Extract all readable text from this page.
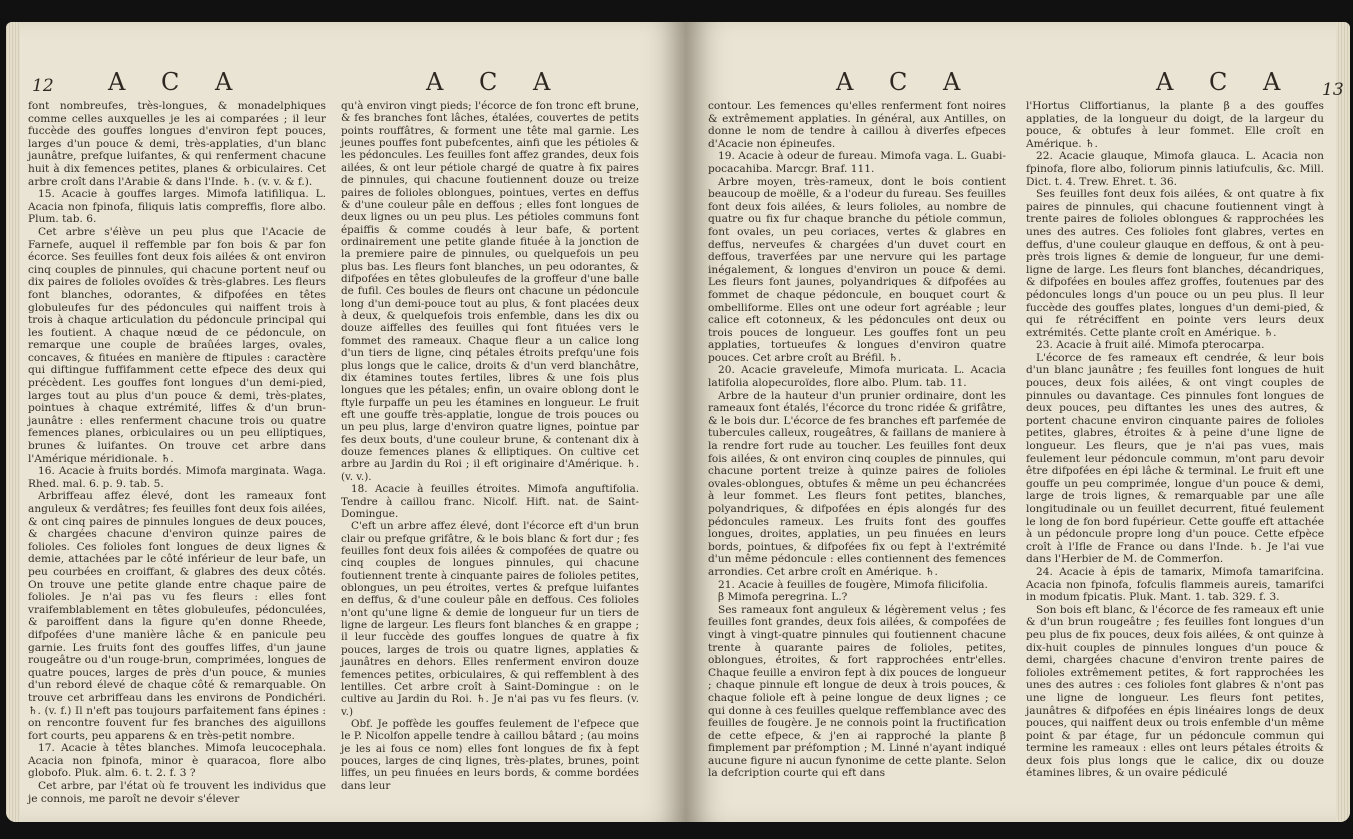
12 A C A	A C A

font nombreufes, très-longues, & monadelphiques comme celles auxquelles je les ai comparées ; il leur fuccède des gouffes longues d'environ fept pouces, larges d'un pouce & demi, très-applaties, d'un blanc jaunâtre, prefque luifantes, & qui renferment chacune huit à dix femences petites, planes & orbiculaires. Cet arbre croît dans l'Arabie & dans l'Inde. ♄. (v. v. & f.).

15. Acacie à gouffes larges. Mimofa latifiliqua. L. Acacia non fpinofa, filiquis latis compreffis, flore albo. Plum. tab. 6.

Cet arbre s'élève un peu plus que l'Acacie de Farnefe, auquel il reffemble par fon bois & par fon écorce. Ses feuilles font deux fois ailées & ont environ cinq couples de pinnules, qui chacune portent neuf ou dix paires de folioles ovoïdes & très-glabres. Les fleurs font blanches, odorantes, & difpofées en têtes globuleufes fur des pédoncules qui naiffent trois à trois à chaque articulation du pédoncule principal qui les foutient. A chaque nœud de ce pédoncule, on remarque une couple de braûées larges, ovales, concaves, & fituées en manière de ftipules : caractère qui diftingue fuffifamment cette efpece des deux qui précèdent. Les gouffes font longues d'un demi-pied, larges tout au plus d'un pouce & demi, très-plates, pointues à chaque extrémité, liffes & d'un brun-jaunâtre : elles renferment chacune trois ou quatre femences planes, orbiculaires ou un peu elliptiques, brunes & luifantes. On trouve cet arbre dans l'Amérique méridionale. ♄.

16. Acacie à fruits bordés. Mimofa marginata. Waga. Rhed. mal. 6. p. 9. tab. 5.

Arbriffeau affez élevé, dont les rameaux font anguleux & verdâtres; fes feuilles font deux fois ailées, & ont cinq paires de pinnules longues de deux pouces, & chargées chacune d'environ quinze paires de folioles. Ces folioles font longues de deux lignes & demie, attachées par le côté inférieur de leur bafe, un peu courbées en croiffant, & glabres des deux côtés. On trouve une petite glande entre chaque paire de folioles. Je n'ai pas vu fes fleurs : elles font vraifemblablement en têtes globuleufes, pédonculées, & paroiffent dans la figure qu'en donne Rheede, difpofées d'une manière lâche & en panicule peu garnie. Les fruits font des gouffes liffes, d'un jaune rougeâtre ou d'un rouge-brun, comprimées, longues de quatre pouces, larges de près d'un pouce, & munies d'un rebord élevé de chaque côté & remarquable. On trouve cet arbriffeau dans les environs de Pondichéri. ♄. (v. f.) Il n'eft pas toujours parfaitement fans épines : on rencontre fouvent fur fes branches des aiguillons fort courts, peu apparens & en très-petit nombre.

17. Acacie à têtes blanches. Mimofa leucocephala. Acacia non fpinofa, minor è quaracoa, flore albo globofo. Pluk. alm. 6. t. 2. f. 3 ?

Cet arbre, par l'état où fe trouvent les individus que je connois, me paroît ne devoir s'élever

qu'à environ vingt pieds; l'écorce de fon tronc eft brune, & fes branches font lâches, étalées, couvertes de petits points rouffâtres, & forment une tête mal garnie. Les jeunes pouffes font pubefcentes, ainfi que les pétioles & les pédoncules. Les feuilles font affez grandes, deux fois ailées, & ont leur pétiole chargé de quatre à fix paires de pinnules, qui chacune foutiennent douze ou treize paires de folioles oblongues, pointues, vertes en deffus & d'une couleur pâle en deffous ; elles font longues de deux lignes ou un peu plus. Les pétioles communs font épaiffis & comme coudés à leur bafe, & portent ordinairement une petite glande fituée à la jonction de la premiere paire de pinnules, ou quelquefois un peu plus bas. Les fleurs font blanches, un peu odorantes, & difpofées en têtes globuleufes de la groffeur d'une balle de fufil. Ces boules de fleurs ont chacune un pédoncule long d'un demi-pouce tout au plus, & font placées deux à deux, & quelquefois trois enfemble, dans les dix ou douze aiffelles des feuilles qui font fituées vers le fommet des rameaux. Chaque fleur a un calice long d'un tiers de ligne, cinq pétales étroits prefqu'une fois plus longs que le calice, droits & d'un verd blanchâtre, dix étamines toutes fertiles, libres & une fois plus longues que les pétales; enfin, un ovaire oblong dont le ftyle furpaffe un peu les étamines en longueur. Le fruit eft une gouffe très-applatie, longue de trois pouces ou un peu plus, large d'environ quatre lignes, pointue par fes deux bouts, d'une couleur brune, & contenant dix à douze femences planes & elliptiques. On cultive cet arbre au Jardin du Roi ; il eft originaire d'Amérique. ♄. (v. v.).

18. Acacie à feuilles étroites. Mimofa anguftifolia. Tendre à caillou franc. Nicolf. Hift. nat. de Saint-Domingue.

C'eft un arbre affez élevé, dont l'écorce eft d'un brun clair ou prefque grifâtre, & le bois blanc & fort dur ; fes feuilles font deux fois ailées & compofées de quatre ou cinq couples de longues pinnules, qui chacune foutiennent trente à cinquante paires de folioles petites, oblongues, un peu étroites, vertes & prefque luifantes en deffus, & d'une couleur pâle en deffous. Ces folioles n'ont qu'une ligne & demie de longueur fur un tiers de ligne de largeur. Les fleurs font blanches & en grappe ; il leur fuccède des gouffes longues de quatre à fix pouces, larges de trois ou quatre lignes, applaties & jaunâtres en dehors. Elles renferment environ douze femences petites, orbiculaires, & qui reffemblent à des lentilles. Cet arbre croît à Saint-Domingue : on le cultive au Jardin du Roi. ♄. Je n'ai pas vu fes fleurs. (v. v.)

Obf. Je poffède les gouffes feulement de l'efpece que le P. Nicolfon appelle tendre à caillou bâtard ; (au moins je les ai fous ce nom) elles font longues de fix à fept pouces, larges de cinq lignes, très-plates, brunes, point liffes, un peu finuées en leurs bords, & comme bordées dans leur

A C A	A C A 13

contour. Les femences qu'elles renferment font noires & extrêmement applaties. In général, aux Antilles, on donne le nom de tendre à caillou à diverfes efpeces d'Acacie non épineufes.

19. Acacie à odeur de fureau. Mimofa vaga. L. Guabi-pocacahiba. Marcgr. Braf. 111.

Arbre moyen, très-rameux, dont le bois contient beaucoup de moëlle, & a l'odeur du fureau. Ses feuilles font deux fois ailées, & leurs folioles, au nombre de quatre ou fix fur chaque branche du pétiole commun, font ovales, un peu coriaces, vertes & glabres en deffus, nerveufes & chargées d'un duvet court en deffous, traverfées par une nervure qui les partage inégalement, & longues d'environ un pouce & demi. Les fleurs font jaunes, polyandriques & difpofées au fommet de chaque pédoncule, en bouquet court & ombelliforme. Elles ont une odeur fort agréable ; leur calice eft cotonneux, & les pédoncules ont deux ou trois pouces de longueur. Les gouffes font un peu applaties, tortueufes & longues d'environ quatre pouces. Cet arbre croît au Bréfil. ♄.

20. Acacie graveleufe, Mimofa muricata. L. Acacia latifolia alopecuroïdes, flore albo. Plum. tab. 11.

Arbre de la hauteur d'un prunier ordinaire, dont les rameaux font étalés, l'écorce du tronc ridée & grifâtre, & le bois dur. L'écorce de fes branches eft parfemée de tubercules calleux, rougeâtres, & faillans de maniere à la rendre fort rude au toucher. Les feuilles font deux fois ailées, & ont environ cinq couples de pinnules, qui chacune portent treize à quinze paires de folioles ovales-oblongues, obtufes & même un peu échancrées à leur fommet. Les fleurs font petites, blanches, polyandriques, & difpofées en épis alongés fur des pédoncules rameux. Les fruits font des gouffes longues, droites, applaties, un peu finuées en leurs bords, pointues, & difpofées fix ou fept à l'extrémité d'un même pédoncule : elles contiennent des femences arrondies. Cet arbre croît en Amérique. ♄.

21. Acacie à feuilles de fougère, Mimofa filicifolia.

β Mimofa peregrina. L.?

Ses rameaux font anguleux & légèrement velus ; fes feuilles font grandes, deux fois ailées, & compofées de vingt à vingt-quatre pinnules qui foutiennent chacune trente à quarante paires de folioles, petites, oblongues, étroites, & fort rapprochées entr'elles. Chaque feuille a environ fept à dix pouces de longueur ; chaque pinnule eft longue de deux à trois pouces, & chaque foliole eft à peine longue de deux lignes ; ce qui donne à ces feuilles quelque reffemblance avec des feuilles de fougère. Je ne connois point la fructification de cette efpece, & j'en ai rapproché la plante β fimplement par préfomption ; M. Linné n'ayant indiqué aucune figure ni aucun fynonime de cette plante. Selon la defcription courte qui eft dans

l'Hortus Cliffortianus, la plante β a des gouffes applaties, de la longueur du doigt, de la largeur du pouce, & obtufes à leur fommet. Elle croît en Amérique. ♄.

22. Acacie glauque, Mimofa glauca. L. Acacia non fpinofa, flore albo, foliorum pinnis latiufculis, &c. Mill. Dict. t. 4. Trew. Ehret. t. 36.

Ses feuilles font deux fois ailées, & ont quatre à fix paires de pinnules, qui chacune foutiennent vingt à trente paires de folioles oblongues & rapprochées les unes des autres. Ces folioles font glabres, vertes en deffus, d'une couleur glauque en deffous, & ont à peu-près trois lignes & demie de longueur, fur une demi-ligne de large. Les fleurs font blanches, décandriques, & difpofées en boules affez groffes, foutenues par des pédoncules longs d'un pouce ou un peu plus. Il leur fuccède des gouffes plates, longues d'un demi-pied, & qui fe rétréciffent en pointe vers leurs deux extrémités. Cette plante croît en Amérique. ♄.

23. Acacie à fruit ailé. Mimofa pterocarpa.

L'écorce de fes rameaux eft cendrée, & leur bois d'un blanc jaunâtre ; fes feuilles font longues de huit pouces, deux fois ailées, & ont vingt couples de pinnules ou davantage. Ces pinnules font longues de deux pouces, peu diftantes les unes des autres, & portent chacune environ cinquante paires de folioles petites, glabres, étroites & à peine d'une ligne de longueur. Les fleurs, que je n'ai pas vues, mais feulement leur pédoncule commun, m'ont paru devoir être difpofées en épi lâche & terminal. Le fruit eft une gouffe un peu comprimée, longue d'un pouce & demi, large de trois lignes, & remarquable par une aîle longitudinale ou un feuillet decurrent, fitué feulement le long de fon bord fupérieur. Cette gouffe eft attachée à un pédoncule propre long d'un pouce. Cette efpèce croît à l'Ifle de France ou dans l'Inde. ♄. Je l'ai vue dans l'Herbier de M. de Commerfon.

24. Acacie à épis de tamarix, Mimofa tamarifcina. Acacia non fpinofa, fofculis flammeis aureis, tamarifci in modum fpicatis. Pluk. Mant. 1. tab. 329. f. 3.

Son bois eft blanc, & l'écorce de fes rameaux eft unie & d'un brun rougeâtre ; fes feuilles font longues d'un peu plus de fix pouces, deux fois ailées, & ont quinze à dix-huit couples de pinnules longues d'un pouce & demi, chargées chacune d'environ trente paires de folioles extrêmement petites, & fort rapprochées les unes des autres : ces folioles font glabres & n'ont pas une ligne de longueur. Les fleurs font petites, jaunâtres & difpofées en épis linéaires longs de deux pouces, qui naiffent deux ou trois enfemble d'un même point & par étage, fur un pédoncule commun qui termine les rameaux : elles ont leurs pétales étroits & deux fois plus longs que le calice, dix ou douze étamines libres, & un ovaire pédiculé
